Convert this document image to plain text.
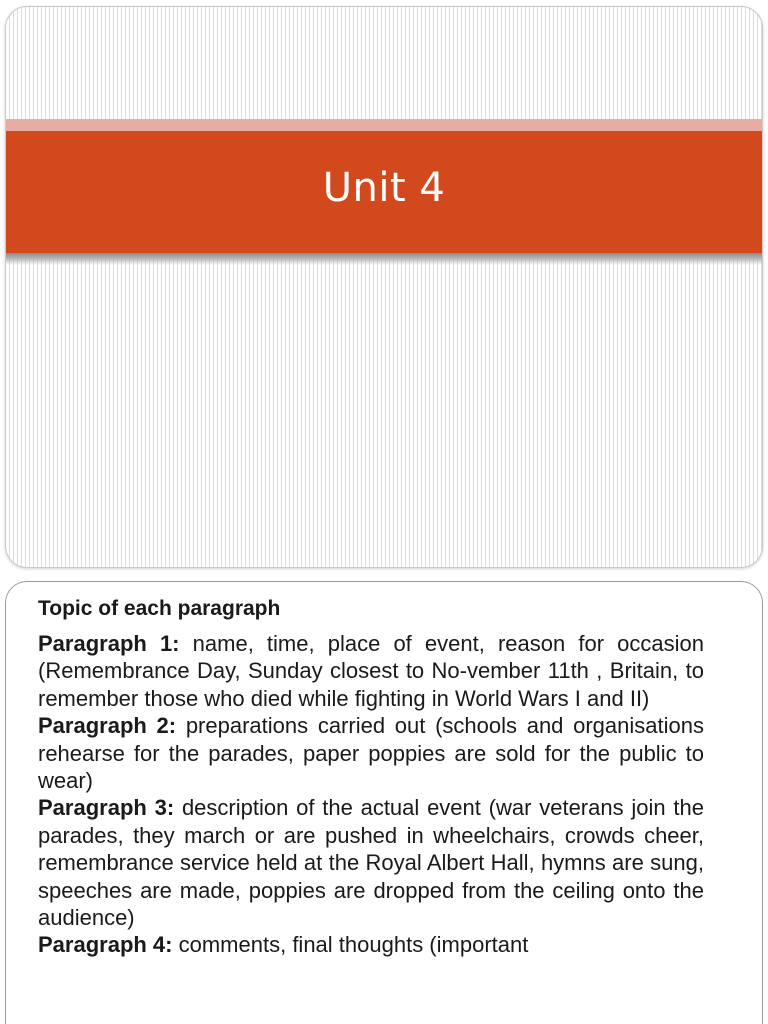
Unit 4

Topic of each paragraph

Paragraph 1: name, time, place of event, reason for occasion (Remembrance Day, Sunday closest to No-vember 11th , Britain, to remember those who died while fighting in World Wars I and II)

Paragraph 2: preparations carried out (schools and organisations rehearse for the parades, paper poppies are sold for the public to wear)

Paragraph 3: description of the actual event (war veterans join the parades, they march or are pushed in wheelchairs, crowds cheer, remembrance service held at the Royal Albert Hall, hymns are sung, speeches are made, poppies are dropped from the ceiling onto the audience)

Paragraph 4: comments, final thoughts (important
